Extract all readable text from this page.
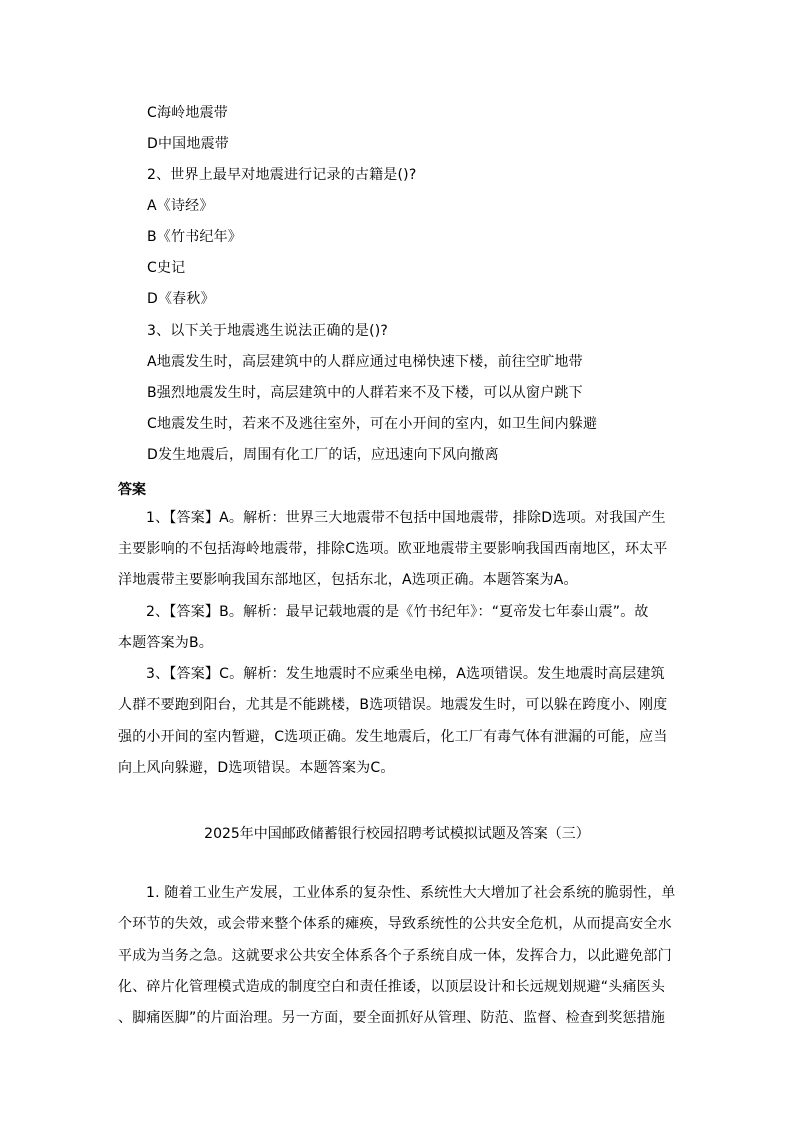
C海岭地震带
D中国地震带
2、世界上最早对地震进行记录的古籍是()?
A《诗经》
B《竹书纪年》
C史记
D《春秋》
3、以下关于地震逃生说法正确的是()?
A地震发生时，高层建筑中的人群应通过电梯快速下楼，前往空旷地带
B强烈地震发生时，高层建筑中的人群若来不及下楼，可以从窗户跳下
C地震发生时，若来不及逃往室外，可在小开间的室内，如卫生间内躲避
D发生地震后，周围有化工厂的话，应迅速向下风向撤离
答案
1、【答案】A。解析：世界三大地震带不包括中国地震带，排除D选项。对我国产生
主要影响的不包括海岭地震带，排除C选项。欧亚地震带主要影响我国西南地区，环太平
洋地震带主要影响我国东部地区，包括东北，A选项正确。本题答案为A。
2、【答案】B。解析：最早记载地震的是《竹书纪年》：“夏帝发七年泰山震”。故
本题答案为B。
3、【答案】C。解析：发生地震时不应乘坐电梯，A选项错误。发生地震时高层建筑
人群不要跑到阳台，尤其是不能跳楼，B选项错误。地震发生时，可以躲在跨度小、刚度
强的小开间的室内暂避，C选项正确。发生地震后，化工厂有毒气体有泄漏的可能，应当
向上风向躲避，D选项错误。本题答案为C。
2025年中国邮政储蓄银行校园招聘考试模拟试题及答案（三）
1. 随着工业生产发展，工业体系的复杂性、系统性大大增加了社会系统的脆弱性，单
个环节的失效，或会带来整个体系的瘫痪，导致系统性的公共安全危机，从而提高安全水
平成为当务之急。这就要求公共安全体系各个子系统自成一体，发挥合力，以此避免部门
化、碎片化管理模式造成的制度空白和责任推诿，以顶层设计和长远规划规避“头痛医头
、脚痛医脚”的片面治理。另一方面，要全面抓好从管理、防范、监督、检查到奖惩措施
